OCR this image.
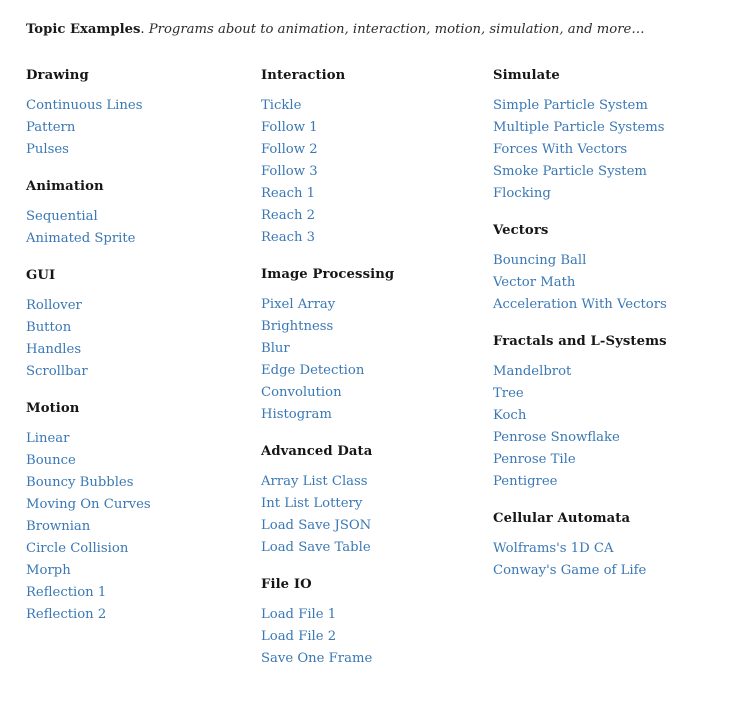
Topic Examples. Programs about to animation, interaction, motion, simulation, and more…

Drawing
Continuous Lines
Pattern
Pulses
Animation
Sequential
Animated Sprite
GUI
Rollover
Button
Handles
Scrollbar
Motion
Linear
Bounce
Bouncy Bubbles
Moving On Curves
Brownian
Circle Collision
Morph
Reflection 1
Reflection 2
Interaction
Tickle
Follow 1
Follow 2
Follow 3
Reach 1
Reach 2
Reach 3
Image Processing
Pixel Array
Brightness
Blur
Edge Detection
Convolution
Histogram
Advanced Data
Array List Class
Int List Lottery
Load Save JSON
Load Save Table
File IO
Load File 1
Load File 2
Save One Frame
Simulate
Simple Particle System
Multiple Particle Systems
Forces With Vectors
Smoke Particle System
Flocking
Vectors
Bouncing Ball
Vector Math
Acceleration With Vectors
Fractals and L-Systems
Mandelbrot
Tree
Koch
Penrose Snowflake
Penrose Tile
Pentigree
Cellular Automata
Wolframs's 1D CA
Conway's Game of Life
